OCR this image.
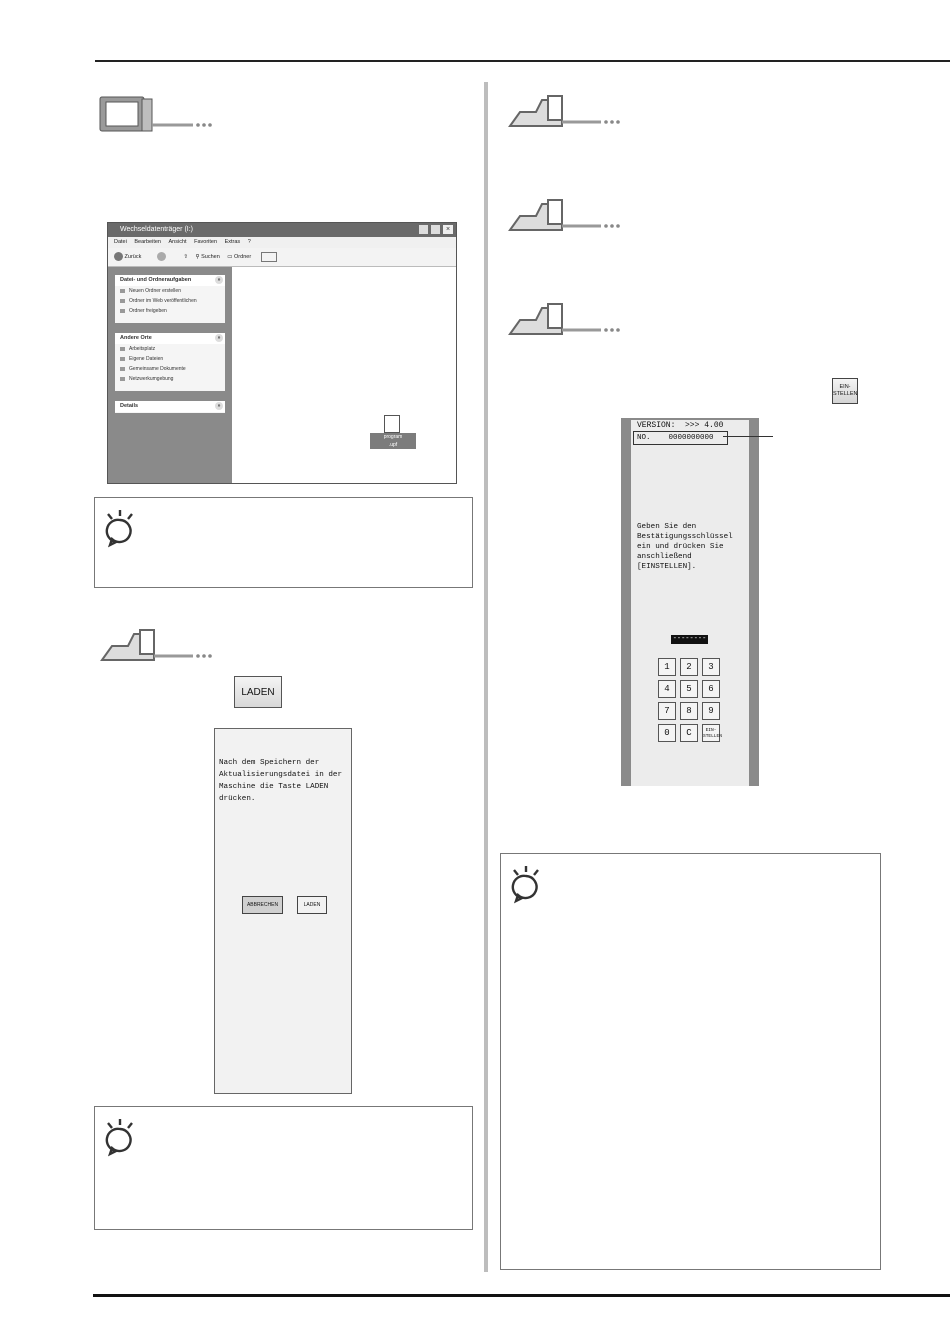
Wechseldatenträger (I:)	×
Datei Bearbeiten Ansicht Favoriten Extras ?
Zurück	⇧ ⚲ Suchen ▭ Ordner
Datei- und Ordneraufgaben	»
Neuen Ordner erstellen
Ordner im Web veröffentlichen
Ordner freigeben
Andere Orte	»
Arbeitsplatz
Eigene Dateien
Gemeinsame Dokumente
Netzwerkumgebung
Details	»
program
.upf
LADEN
Nach dem Speichern der
Aktualisierungsdatei in der
Maschine die Taste LADEN
drücken.
ABBRECHEN	LADEN
EIN-
STELLEN
VERSION:  >>> 4.00
NO.    0000000000
Geben Sie den
Bestätigungsschlüssel
ein und drücken Sie
anschließend
[EINSTELLEN].
--------
1	2	3
4	5	6
7	8	9
0	C	EIN-
STELLEN
